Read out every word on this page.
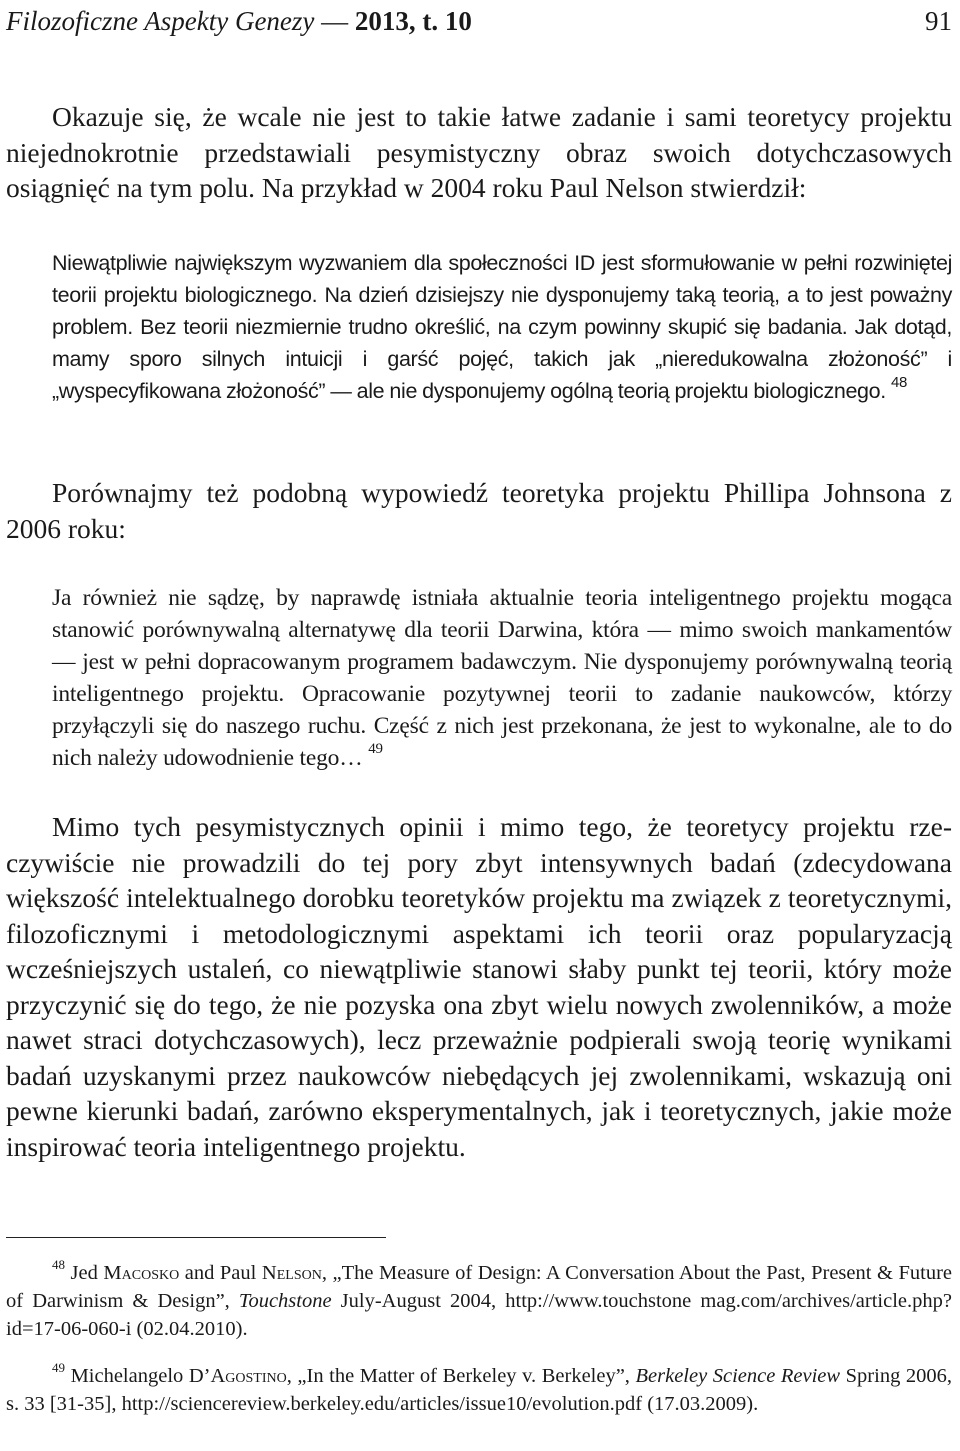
Filozoficzne Aspekty Genezy — 2013, t. 10	91

Okazuje się, że wcale nie jest to takie łatwe zadanie i sami teoretycy projektu niejednokrotnie przedstawiali pesymistyczny obraz swoich dotychczasowych osiągnięć na tym polu. Na przykład w 2004 roku Paul Nelson stwierdził:

Niewątpliwie największym wyzwaniem dla społeczności ID jest sformułowanie w pełni rozwiniętej teorii projektu biologicznego. Na dzień dzisiejszy nie dysponujemy taką teorią, a to jest poważny problem. Bez teorii niezmiernie trudno określić, na czym powinny skupić się badania. Jak dotąd, mamy sporo silnych intuicji i garść pojęć, takich jak „nieredukowalna złożoność” i „wyspecyfikowana złożoność” — ale nie dysponujemy ogólną teorią projektu biologicznego. $^{48}$

Porównajmy też podobną wypowiedź teoretyka projektu Phillipa Johnsona z 2006 roku:

Ja również nie sądzę, by naprawdę istniała aktualnie teoria inteligentnego projektu mogąca stanowić porównywalną alternatywę dla teorii Darwina, która — mimo swoich mankamentów — jest w pełni dopracowanym programem badawczym. Nie dysponujemy porównywalną teorią inteligentnego projektu. Opracowanie pozytywnej teorii to zadanie naukowców, którzy przyłączyli się do naszego ruchu. Część z nich jest przekonana, że jest to wykonalne, ale to do nich należy udowodnienie tego… $^{49}$

Mimo tych pesymistycznych opinii i mimo tego, że teoretycy projektu rzeczywiście nie prowadzili do tej pory zbyt intensywnych badań (zdecydowana większość intelektualnego dorobku teoretyków projektu ma związek z teoretycznymi, filozoficznymi i metodologicznymi aspektami ich teorii oraz popularyzacją wcześniejszych ustaleń, co niewątpliwie stanowi słaby punkt tej teorii, który może przyczynić się do tego, że nie pozyska ona zbyt wielu nowych zwolenników, a może nawet straci dotychczasowych), lecz przeważnie podpierali swoją teorię wynikami badań uzyskanymi przez naukowców niebędących jej zwolennikami, wskazują oni pewne kierunki badań, zarówno eksperymentalnych, jak i teoretycznych, jakie może inspirować teoria inteligentnego projektu.

$^{48}$ Jed Macosko and Paul Nelson, „The Measure of Design: A Conversation About the Past, Present & Future of Darwinism & Design”, Touchstone July-August 2004, http://www.touchstone mag.com/archives/article.php?id=17-06-060-i (02.04.2010).

$^{49}$ Michelangelo D’Agostino, „In the Matter of Berkeley v. Berkeley”, Berkeley Science Review Spring 2006, s. 33 [31-35], http://sciencereview.berkeley.edu/articles/issue10/evolution.pdf (17.03.2009).
